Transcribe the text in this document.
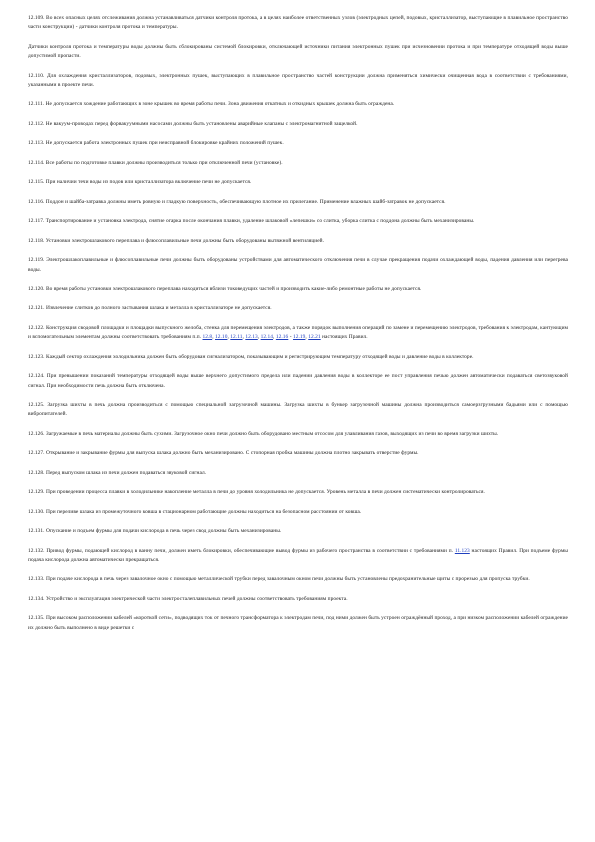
12.109. Во всех опасных целях отслеживания должна устанавливаться датчики контроля протока, а в целях наиболее ответственных узлов (электродных цепей, подовых, кристаллизатор, выступающие в плавильное пространство части конструкции) - датчики контроля протока и температуры.

Датчики контроля протока и температуры воды должны быть сблокированы системой блокировки, отключающей источники питания электронных пушек при исчезновении протока и при температуре отходящей воды выше допустимой пропасти.

12.110. Для охлаждения кристаллизаторов, подовых, электронных пушек, выступающих в плавильное пространство частей конструкции должна применяться химически очищенная вода в соответствии с требованиями, указанными в проекте печи.

12.111. Не допускается хождение работающих в зоне крышек во время работы печи. Зона движения откатных и откидных крышек должна быть ограждена.

12.112. Не вакуум-проводах перед форвакуумными насосами должны быть установлены аварийные клапаны с электромагнитной защелкой.

12.113. Не допускается работа электронных пушек при неисправной блокировке крайних положений пушек.

12.114. Все работы по подготовке плавки должны производиться только при отключенной печи (установке).

12.115. При наличии течи воды из подов или кристаллизатора включение печи не допускается.

12.116. Поддон и шайба-затравка должны иметь ровную и гладкую поверхность, обеспечивающую плотное их прилегание. Применение влажных шайб-затравок не допускается.

12.117. Транспортирование и установка электрода, снятие огарка после окончания плавки, удаление шлаковой «лепешки» со слитка, уборка слитка с поддона должны быть механизированы.

12.118. Установки электрошлакового переплава и флюсоплавильные печи должны быть оборудованы вытяжной вентиляцией.

12.119. Электрошлакоплавильные и флюсоплавильные печи должны быть оборудованы устройствами для автоматического отключения печи в случае прекращения подачи охлаждающей воды, падения давления или перегрева воды.

12.120. Во время работы установки электрошлакового переплава находиться вблизи токоведущих частей и производить какие-либо ремонтные работы не допускается.

12.121. Извлечение слитков до полного застывания шлака и металла в кристаллизаторе не допускается.

12.122. Конструкция сводовой площадки и площадки выпускного желоба, стенка для перемещения электродов, а также порядок выполнения операций по замене и перемещению электродов, требования к электродам, кантующим и вспомогательным элементам должны соответствовать требованиям п.п. 12.8, 12.10, 12.11, 12.13, 12.14, 12.16 - 12.19, 12.21 настоящих Правил.

12.123. Каждый сектор охлаждения холодильника должен быть оборудован сигнализатором, показывающим и регистрирующим температуру отходящей воды и давление воды в коллекторе.

12.124. При превышении показаний температуры отходящей воды выше верхнего допустимого предела или падении давления воды в коллекторе ее пост управления печью должен автоматически подаваться светозвуковой сигнал. При необходимости печь должна быть отключена.

12.125. Загрузка шихты в печь должна производиться с помощью специальной загрузочной машины. Загрузка шихты в бункер загрузочной машины должна производиться самоерзгрузными бадьями или с помощью вибропитателей.

12.126. Загружаемые в печь материалы должны быть сухими. Загрузочное окно печи должно быть оборудовано местным отсосом для улавливания газов, выходящих из печи во время загрузки шихты.

12.127. Открывание и закрывание фурмы для выпуска шлака должно быть механизировано. С стопорная пробка машины должна плотно закрывать отверстие фурмы.

12.128. Перед выпуском шлака из печи должен подаваться звуковой сигнал.

12.129. При проведении процесса плавки в холодильнике накопление металла в печи до уровня холодильника не допускается. Уровень металла в печи должен систематически контролироваться.

12.130. При переливе шлака из промежуточного ковша в стационарном работающие должны находиться на безопасном расстоянии от ковша.

12.131. Опускание и подъем фурмы для подачи кислорода в печь через свод должны быть механизированы.

12.132. Привод фурмы, подающей кислород в ванну печи, должен иметь блокировки, обеспечивающие вывод фурмы из рабочего пространства в соответствии с требованиями п. 11.123 настоящих Правил. При подъеме фурмы подача кислорода должна автоматически прекращаться.

12.133. При подаче кислорода в печь через завалочное окно с помощью металлической трубки перед завалочным окном печи должны быть установлены предохранительные щиты с прорезью для пропуска трубки.

12.134. Устройство и эксплуатация электрической части электросталеплавильных печей должны соответствовать требованиям проекта.

12.135. При высоком расположении кабелей «короткой сети», подводящих ток от печного трансформатора к электродам печи, под ними должен быть устроен ограждённый проход, а при низком расположении кабелей ограждение их должно быть выполнено в виде решетки с
